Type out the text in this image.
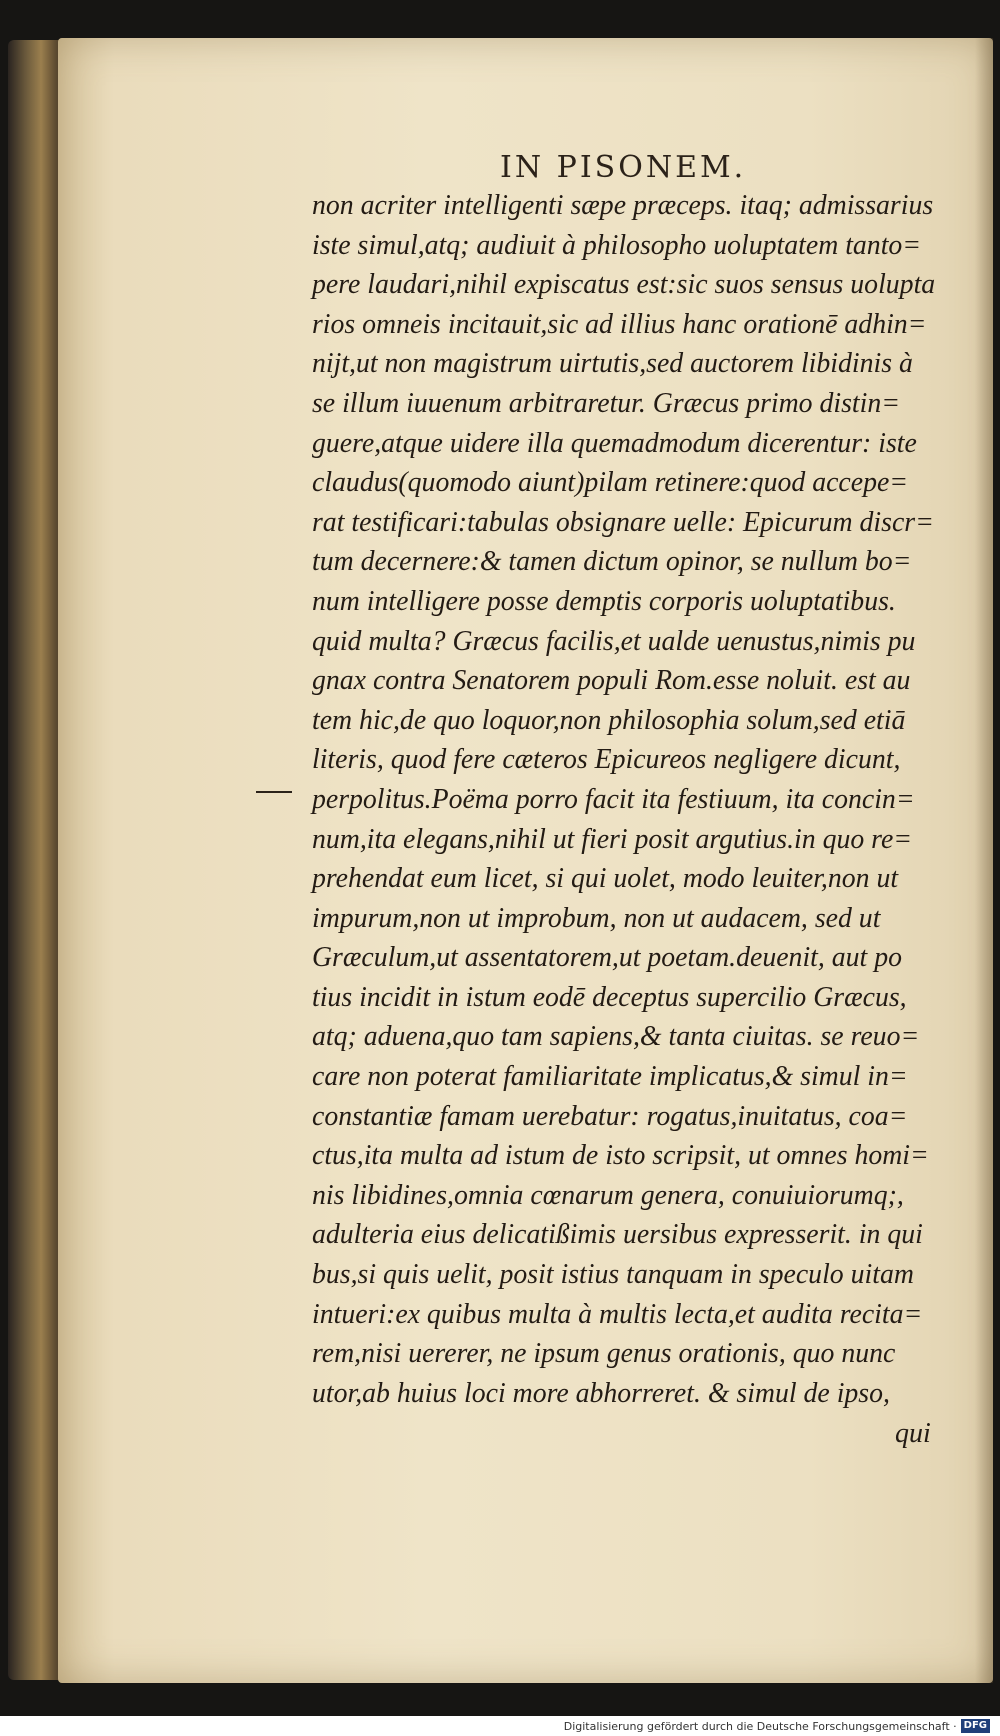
IN PISONEM.
non acriter intelligenti sæpe præceps. itaq; admissarius
iste simul,atq; audiuit à philosopho uoluptatem tanto=
pere laudari,nihil expiscatus est:sic suos sensus uolupta
rios omneis incitauit,sic ad illius hanc orationē adhin=
nijt,ut non magistrum uirtutis,sed auctorem libidinis à
se illum iuuenum arbitraretur. Græcus primo distin=
guere,atque uidere illa quemadmodum dicerentur: iste
claudus(quomodo aiunt)pilam retinere:quod accepe=
rat testificari:tabulas obsignare uelle: Epicurum discr=
tum decernere:& tamen dictum opinor, se nullum bo=
num intelligere posse demptis corporis uoluptatibus.
quid multa? Græcus facilis,et ualde uenustus,nimis pu
gnax contra Senatorem populi Rom.esse noluit. est au
tem hic,de quo loquor,non philosophia solum,sed etiā
literis, quod fere cæteros Epicureos negligere dicunt,
perpolitus.Poëma porro facit ita festiuum, ita concin=
num,ita elegans,nihil ut fieri posit argutius.in quo re=
prehendat eum licet, si qui uolet, modo leuiter,non ut
impurum,non ut improbum, non ut audacem, sed ut
Græculum,ut assentatorem,ut poetam.deuenit, aut po
tius incidit in istum eodē deceptus supercilio Græcus,
atq; aduena,quo tam sapiens,& tanta ciuitas. se reuo=
care non poterat familiaritate implicatus,& simul in=
constantiæ famam uerebatur: rogatus,inuitatus, coa=
ctus,ita multa ad istum de isto scripsit, ut omnes homi=
nis libidines,omnia cœnarum genera, conuiuiorumq;,
adulteria eius delicatißimis uersibus expresserit. in qui
bus,si quis uelit, posit istius tanquam in speculo uitam
intueri:ex quibus multa à multis lecta,et audita recita=
rem,nisi uererer, ne ipsum genus orationis, quo nunc
utor,ab huius loci more abhorreret. & simul de ipso,
qui
Digitalisierung gefördert durch die Deutsche Forschungsgemeinschaft · DFG
